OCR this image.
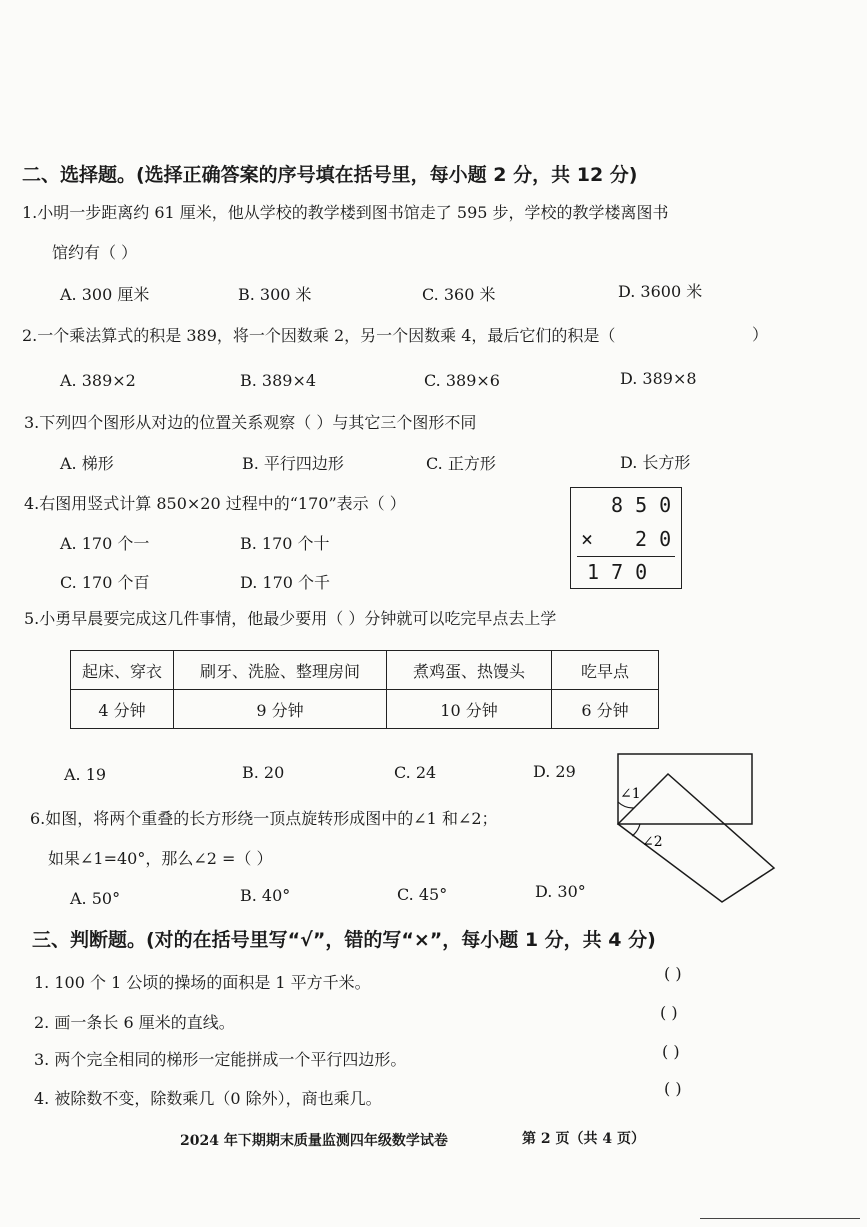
二、选择题。(选择正确答案的序号填在括号里，每小题 2 分，共 12 分)
1.小明一步距离约 61 厘米，他从学校的教学楼到图书馆走了 595 步，学校的教学楼离图书
馆约有（ ）
A. 300 厘米	B. 300 米	C. 360 米	D. 3600 米
2.一个乘法算式的积是 389，将一个因数乘 2，另一个因数乘 4，最后它们的积是（	）
A. 389×2	B. 389×4	C. 389×6	D. 389×8
3.下列四个图形从对边的位置关系观察（ ）与其它三个图形不同
A. 梯形	B. 平行四边形	C. 正方形	D. 长方形
4.右图用竖式计算 850×20 过程中的“170”表示（ ）
A. 170 个一	B. 170 个十
C. 170 个百	D. 170 个千
8 5 0
× 2 0
1 7 0
5.小勇早晨要完成这几件事情，他最少要用（ ）分钟就可以吃完早点去上学
起床、穿衣	刷牙、洗脸、整理房间	煮鸡蛋、热馒头	吃早点
4 分钟	9 分钟	10 分钟	6 分钟
A. 19	B. 20	C. 24	D. 29
6.如图，将两个重叠的长方形绕一顶点旋转形成图中的∠1 和∠2；
如果∠1=40°，那么∠2 =（ ）
A. 50°	B. 40°	C. 45°	D. 30°
∠1
∠2
三、判断题。(对的在括号里写“√”，错的写“×”，每小题 1 分，共 4 分)
1. 100 个 1 公顷的操场的面积是 1 平方千米。
2. 画一条长 6 厘米的直线。
3. 两个完全相同的梯形一定能拼成一个平行四边形。
4. 被除数不变，除数乘几（0 除外），商也乘几。
( )
( )
( )
( )
2024 年下期期末质量监测四年级数学试卷	第 2 页（共 4 页）
